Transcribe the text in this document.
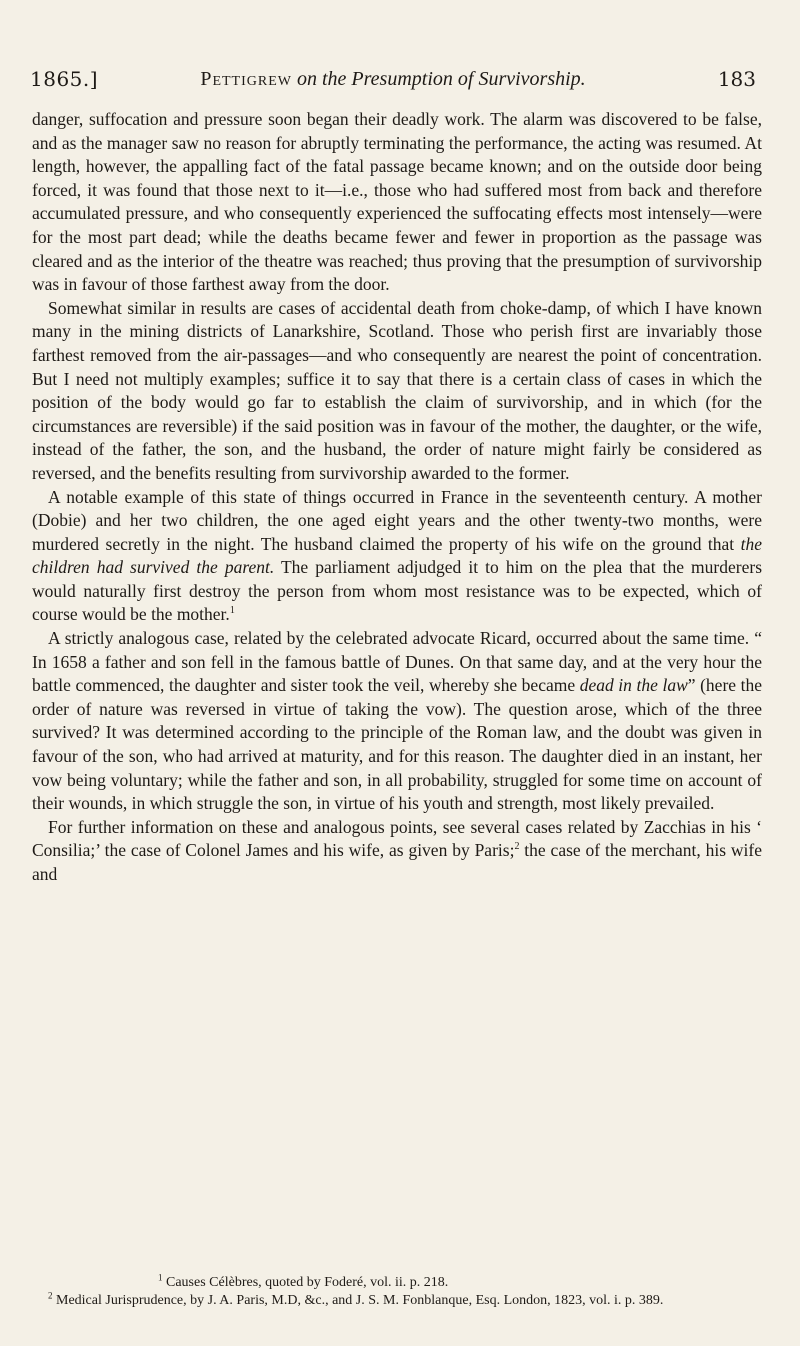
1865.]	Pettigrew on the Presumption of Survivorship.	183

danger, suffocation and pressure soon began their deadly work. The alarm was discovered to be false, and as the manager saw no reason for abruptly terminating the performance, the acting was resumed. At length, however, the appalling fact of the fatal passage became known; and on the outside door being forced, it was found that those next to it—i.e., those who had suffered most from back and therefore accumulated pressure, and who consequently experienced the suffocating effects most intensely—were for the most part dead; while the deaths became fewer and fewer in proportion as the passage was cleared and as the interior of the theatre was reached; thus proving that the presumption of survivorship was in favour of those farthest away from the door.

Somewhat similar in results are cases of accidental death from choke-damp, of which I have known many in the mining districts of Lanarkshire, Scotland. Those who perish first are invariably those farthest removed from the air-passages—and who consequently are nearest the point of concentration. But I need not multiply examples; suffice it to say that there is a certain class of cases in which the position of the body would go far to establish the claim of survivorship, and in which (for the circumstances are reversible) if the said position was in favour of the mother, the daughter, or the wife, instead of the father, the son, and the husband, the order of nature might fairly be considered as reversed, and the benefits resulting from survivorship awarded to the former.

A notable example of this state of things occurred in France in the seventeenth century. A mother (Dobie) and her two children, the one aged eight years and the other twenty-two months, were murdered secretly in the night. The husband claimed the property of his wife on the ground that the children had survived the parent. The parliament adjudged it to him on the plea that the murderers would naturally first destroy the person from whom most resistance was to be expected, which of course would be the mother.$^1$

A strictly analogous case, related by the celebrated advocate Ricard, occurred about the same time. “ In 1658 a father and son fell in the famous battle of Dunes. On that same day, and at the very hour the battle commenced, the daughter and sister took the veil, whereby she became dead in the law” (here the order of nature was reversed in virtue of taking the vow). The question arose, which of the three survived? It was determined according to the principle of the Roman law, and the doubt was given in favour of the son, who had arrived at maturity, and for this reason. The daughter died in an instant, her vow being voluntary; while the father and son, in all probability, struggled for some time on account of their wounds, in which struggle the son, in virtue of his youth and strength, most likely prevailed.

For further information on these and analogous points, see several cases related by Zacchias in his ‘ Consilia;’ the case of Colonel James and his wife, as given by Paris;$^2$ the case of the merchant, his wife and

$^1$ Causes Célèbres, quoted by Foderé, vol. ii. p. 218.

$^2$ Medical Jurisprudence, by J. A. Paris, M.D, &c., and J. S. M. Fonblanque, Esq. London, 1823, vol. i. p. 389.
